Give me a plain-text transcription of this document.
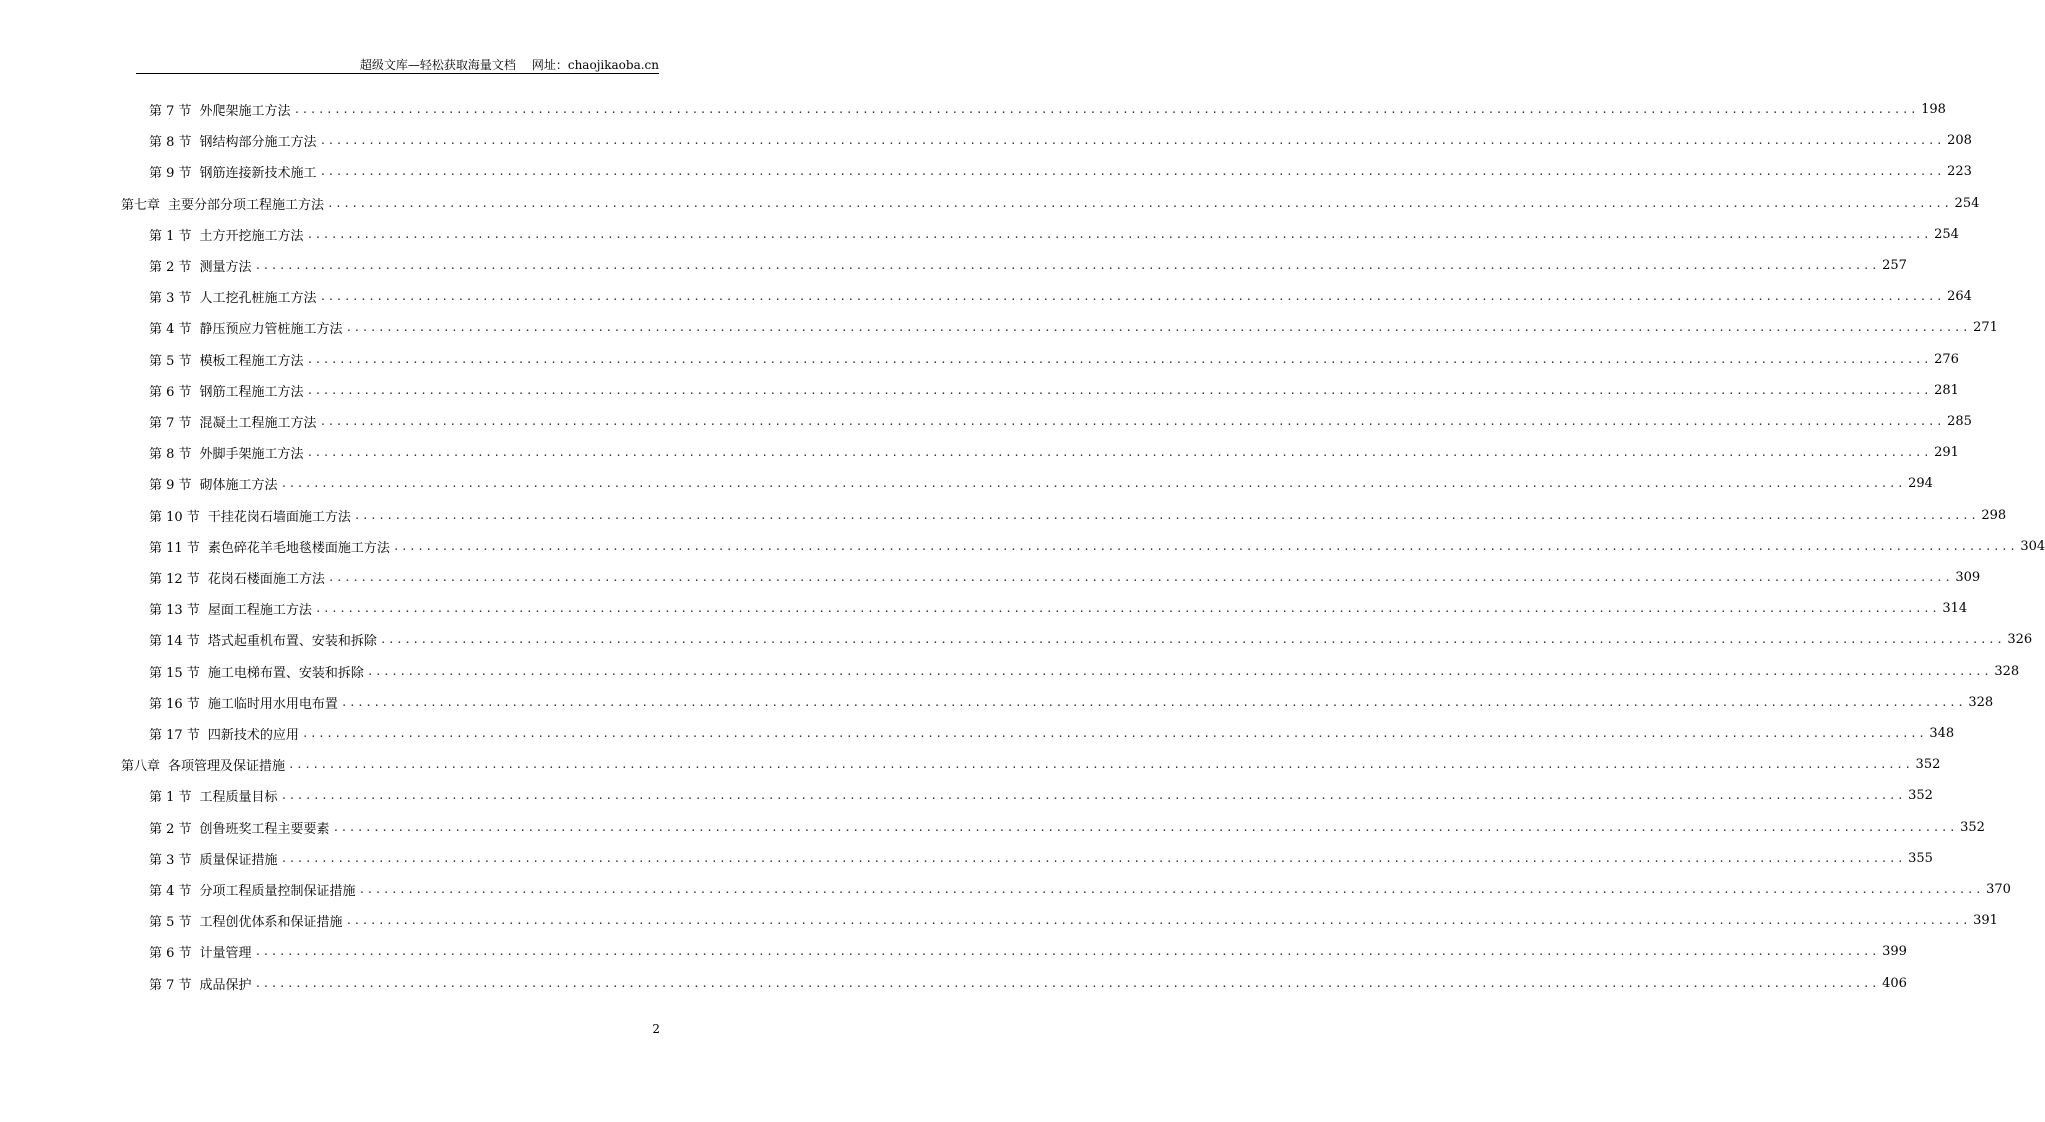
超级文库—轻松获取海量文档 网址：chaojikaoba.cn
第 7 节 外爬架施工方法 ........................................................................................................................................................................................................ 198
第 8 节 钢结构部分施工方法 ........................................................................................................................................................................................................ 208
第 9 节 钢筋连接新技术施工 ........................................................................................................................................................................................................ 223
第七章 主要分部分项工程施工方法 ........................................................................................................................................................................................................ 254
第 1 节 土方开挖施工方法 ........................................................................................................................................................................................................ 254
第 2 节 测量方法 ........................................................................................................................................................................................................ 257
第 3 节 人工挖孔桩施工方法 ........................................................................................................................................................................................................ 264
第 4 节 静压预应力管桩施工方法 ........................................................................................................................................................................................................ 271
第 5 节 模板工程施工方法 ........................................................................................................................................................................................................ 276
第 6 节 钢筋工程施工方法 ........................................................................................................................................................................................................ 281
第 7 节 混凝土工程施工方法 ........................................................................................................................................................................................................ 285
第 8 节 外脚手架施工方法 ........................................................................................................................................................................................................ 291
第 9 节 砌体施工方法 ........................................................................................................................................................................................................ 294
第 10 节 干挂花岗石墙面施工方法 ........................................................................................................................................................................................................ 298
第 11 节 素色碎花羊毛地毯楼面施工方法 ........................................................................................................................................................................................................ 304
第 12 节 花岗石楼面施工方法 ........................................................................................................................................................................................................ 309
第 13 节 屋面工程施工方法 ........................................................................................................................................................................................................ 314
第 14 节 塔式起重机布置、安装和拆除 ........................................................................................................................................................................................................ 326
第 15 节 施工电梯布置、安装和拆除 ........................................................................................................................................................................................................ 328
第 16 节 施工临时用水用电布置 ........................................................................................................................................................................................................ 328
第 17 节 四新技术的应用 ........................................................................................................................................................................................................ 348
第八章 各项管理及保证措施 ........................................................................................................................................................................................................ 352
第 1 节 工程质量目标 ........................................................................................................................................................................................................ 352
第 2 节 创鲁班奖工程主要要素 ........................................................................................................................................................................................................ 352
第 3 节 质量保证措施 ........................................................................................................................................................................................................ 355
第 4 节 分项工程质量控制保证措施 ........................................................................................................................................................................................................ 370
第 5 节 工程创优体系和保证措施 ........................................................................................................................................................................................................ 391
第 6 节 计量管理 ........................................................................................................................................................................................................ 399
第 7 节 成品保护 ........................................................................................................................................................................................................ 406
2
